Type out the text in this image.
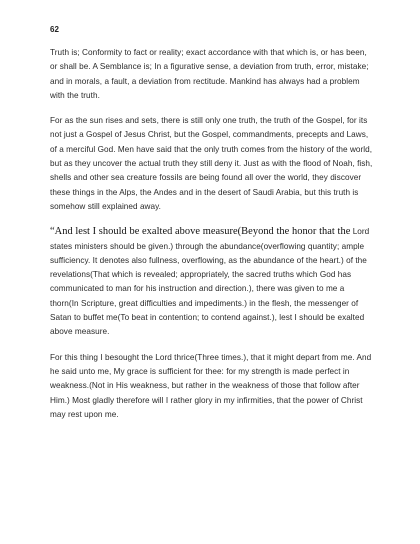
62

Truth is; Conformity to fact or reality; exact accordance with that which is, or has been, or shall be. A Semblance is; In a figurative sense, a deviation from truth, error, mistake; and in morals, a fault, a deviation from rectitude. Mankind has always had a problem with the truth.

For as the sun rises and sets, there is still only one truth, the truth of the Gospel, for its not just a Gospel of Jesus Christ, but the Gospel, commandments, precepts and Laws, of a merciful God. Men have said that the only truth comes from the history of the world, but as they uncover the actual truth they still deny it. Just as with the flood of Noah, fish, shells and other sea creature fossils are being found all over the world, they discover these things in the Alps, the Andes and in the desert of Saudi Arabia, but this truth is somehow still explained away.

“And lest I should be exalted above measure(Beyond the honor that the Lord states ministers should be given.) through the abundance(overflowing quantity; ample sufficiency. It denotes also fullness, overflowing, as the abundance of the heart.) of the revelations(That which is revealed; appropriately, the sacred truths which God has communicated to man for his instruction and direction.), there was given to me a thorn(In Scripture, great difficulties and impediments.) in the flesh, the messenger of Satan to buffet me(To beat in contention; to contend against.), lest I should be exalted above measure.

For this thing I besought the Lord thrice(Three times.), that it might depart from me. And he said unto me, My grace is sufficient for thee: for my strength is made perfect in weakness.(Not in His weakness, but rather in the weakness of those that follow after Him.) Most gladly therefore will I rather glory in my infirmities, that the power of Christ may rest upon me.
